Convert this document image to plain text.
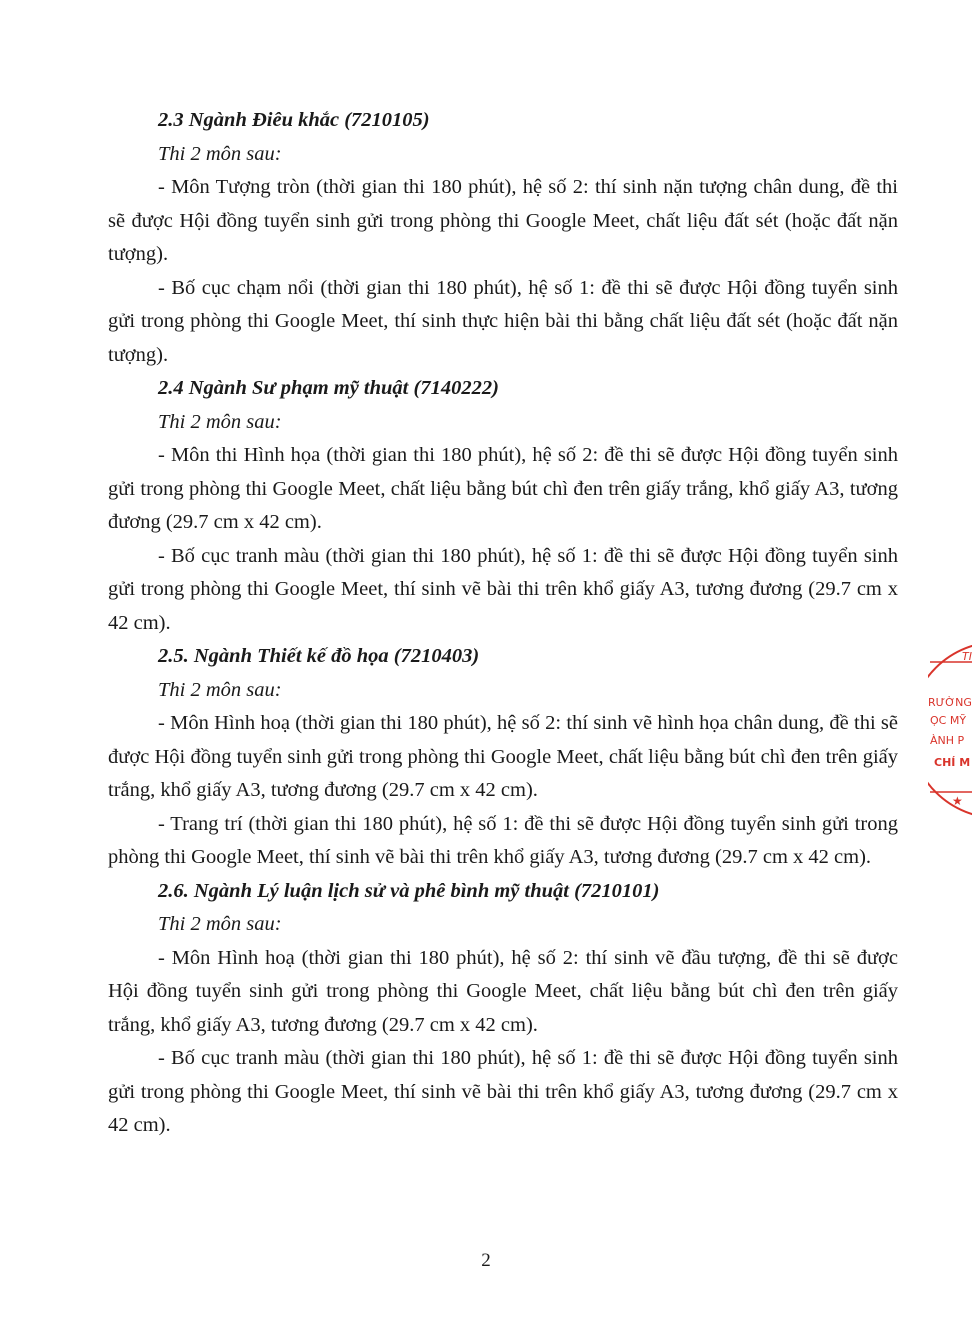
2.3 Ngành Điêu khắc (7210105)
Thi 2 môn sau:
- Môn Tượng tròn (thời gian thi 180 phút), hệ số 2: thí sinh nặn tượng chân dung, đề thi sẽ được Hội đồng tuyển sinh gửi trong phòng thi Google Meet, chất liệu đất sét (hoặc đất nặn tượng).
- Bố cục chạm nổi (thời gian thi 180 phút), hệ số 1: đề thi sẽ được Hội đồng tuyển sinh gửi trong phòng thi Google Meet, thí sinh thực hiện bài thi bằng chất liệu đất sét (hoặc đất nặn tượng).
2.4 Ngành Sư phạm mỹ thuật (7140222)
Thi 2 môn sau:
- Môn thi Hình họa (thời gian thi 180 phút), hệ số 2: đề thi sẽ được Hội đồng tuyển sinh gửi trong phòng thi Google Meet, chất liệu bằng bút chì đen trên giấy trắng, khổ giấy A3, tương đương (29.7 cm x 42 cm).
- Bố cục tranh màu (thời gian thi 180 phút), hệ số 1: đề thi sẽ được Hội đồng tuyển sinh gửi trong phòng thi Google Meet, thí sinh vẽ bài thi trên khổ giấy A3, tương đương (29.7 cm x 42 cm).
2.5. Ngành Thiết kế đồ họa (7210403)
Thi 2 môn sau:
- Môn Hình hoạ (thời gian thi 180 phút), hệ số 2: thí sinh vẽ hình họa chân dung, đề thi sẽ được Hội đồng tuyển sinh gửi trong phòng thi Google Meet, chất liệu bằng bút chì đen trên giấy trắng, khổ giấy A3, tương đương (29.7 cm x 42 cm).
- Trang trí (thời gian thi 180 phút), hệ số 1: đề thi sẽ được Hội đồng tuyển sinh gửi trong phòng thi Google Meet, thí sinh vẽ bài thi trên khổ giấy A3, tương đương (29.7 cm x 42 cm).
2.6. Ngành Lý luận lịch sử và phê bình mỹ thuật (7210101)
Thi 2 môn sau:
- Môn Hình hoạ (thời gian thi 180 phút), hệ số 2: thí sinh vẽ đầu tượng, đề thi sẽ được Hội đồng tuyển sinh gửi trong phòng thi Google Meet, chất liệu bằng bút chì đen trên giấy trắng, khổ giấy A3, tương đương (29.7 cm x 42 cm).
- Bố cục tranh màu (thời gian thi 180 phút), hệ số 1: đề thi sẽ được Hội đồng tuyển sinh gửi trong phòng thi Google Meet, thí sinh vẽ bài thi trên khổ giấy A3, tương đương (29.7 cm x 42 cm).
TI
RƯỜNG
ỌC MỸ
ÀNH P
CHÍ M
★
2
